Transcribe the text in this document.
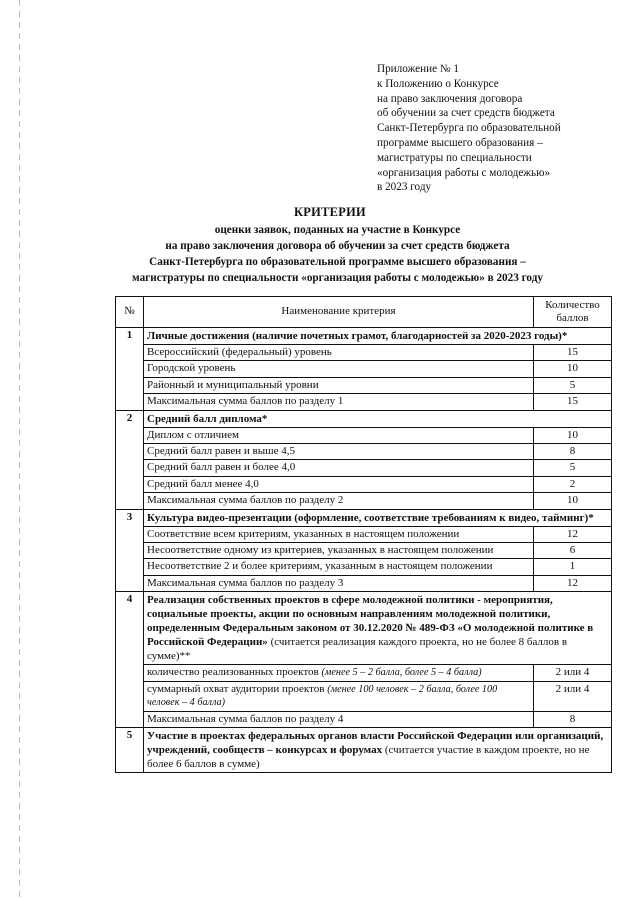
Приложение № 1
к Положению о Конкурсе
на право заключения договора
об обучении за счет средств бюджета
Санкт-Петербурга по образовательной
программе высшего образования –
магистратуры по специальности
«организация работы с молодежью»
в 2023 году
КРИТЕРИИ
оценки заявок, поданных на участие в Конкурсе
на право заключения договора об обучении за счет средств бюджета
Санкт-Петербурга по образовательной программе высшего образования –
магистратуры по специальности «организация работы с молодежью» в 2023 году
№	Наименование критерия	Количество баллов
1	Личные достижения (наличие почетных грамот, благодарностей за 2020-2023 годы)*	
	Всероссийский (федеральный) уровень	15
	Городской уровень	10
	Районный и муниципальный уровни	5
	Максимальная сумма баллов по разделу 1	15
2	Средний балл диплома*	
	Диплом с отличием	10
	Средний балл равен и выше 4,5	8
	Средний балл равен и более 4,0	5
	Средний балл менее 4,0	2
	Максимальная сумма баллов по разделу 2	10
3	Культура видео-презентации (оформление, соответствие требованиям к видео, тайминг)*	
	Соответствие всем критериям, указанных в настоящем положении	12
	Несоответствие одному из критериев, указанных в настоящем положении	6
	Несоответствие 2 и более критериям, указанным в настоящем положении	1
	Максимальная сумма баллов по разделу 3	12
4	Реализация собственных проектов в сфере молодежной политики - мероприятия, социальные проекты, акции по основным направлениям молодежной политики, определенным Федеральным законом от 30.12.2020 № 489-ФЗ «О молодежной политике в Российской Федерации» (считается реализация каждого проекта, но не более 8 баллов в сумме)**	
	количество реализованных проектов (менее 5 – 2 балла, более 5 – 4 балла)	2 или 4
	суммарный охват аудитории проектов (менее 100 человек – 2 балла, более 100 человек – 4 балла)	2 или 4
	Максимальная сумма баллов по разделу 4	8
5	Участие в проектах федеральных органов власти Российской Федерации или организаций, учреждений, сообществ – конкурсах и форумах (считается участие в каждом проекте, но не более 6 баллов в сумме)	
